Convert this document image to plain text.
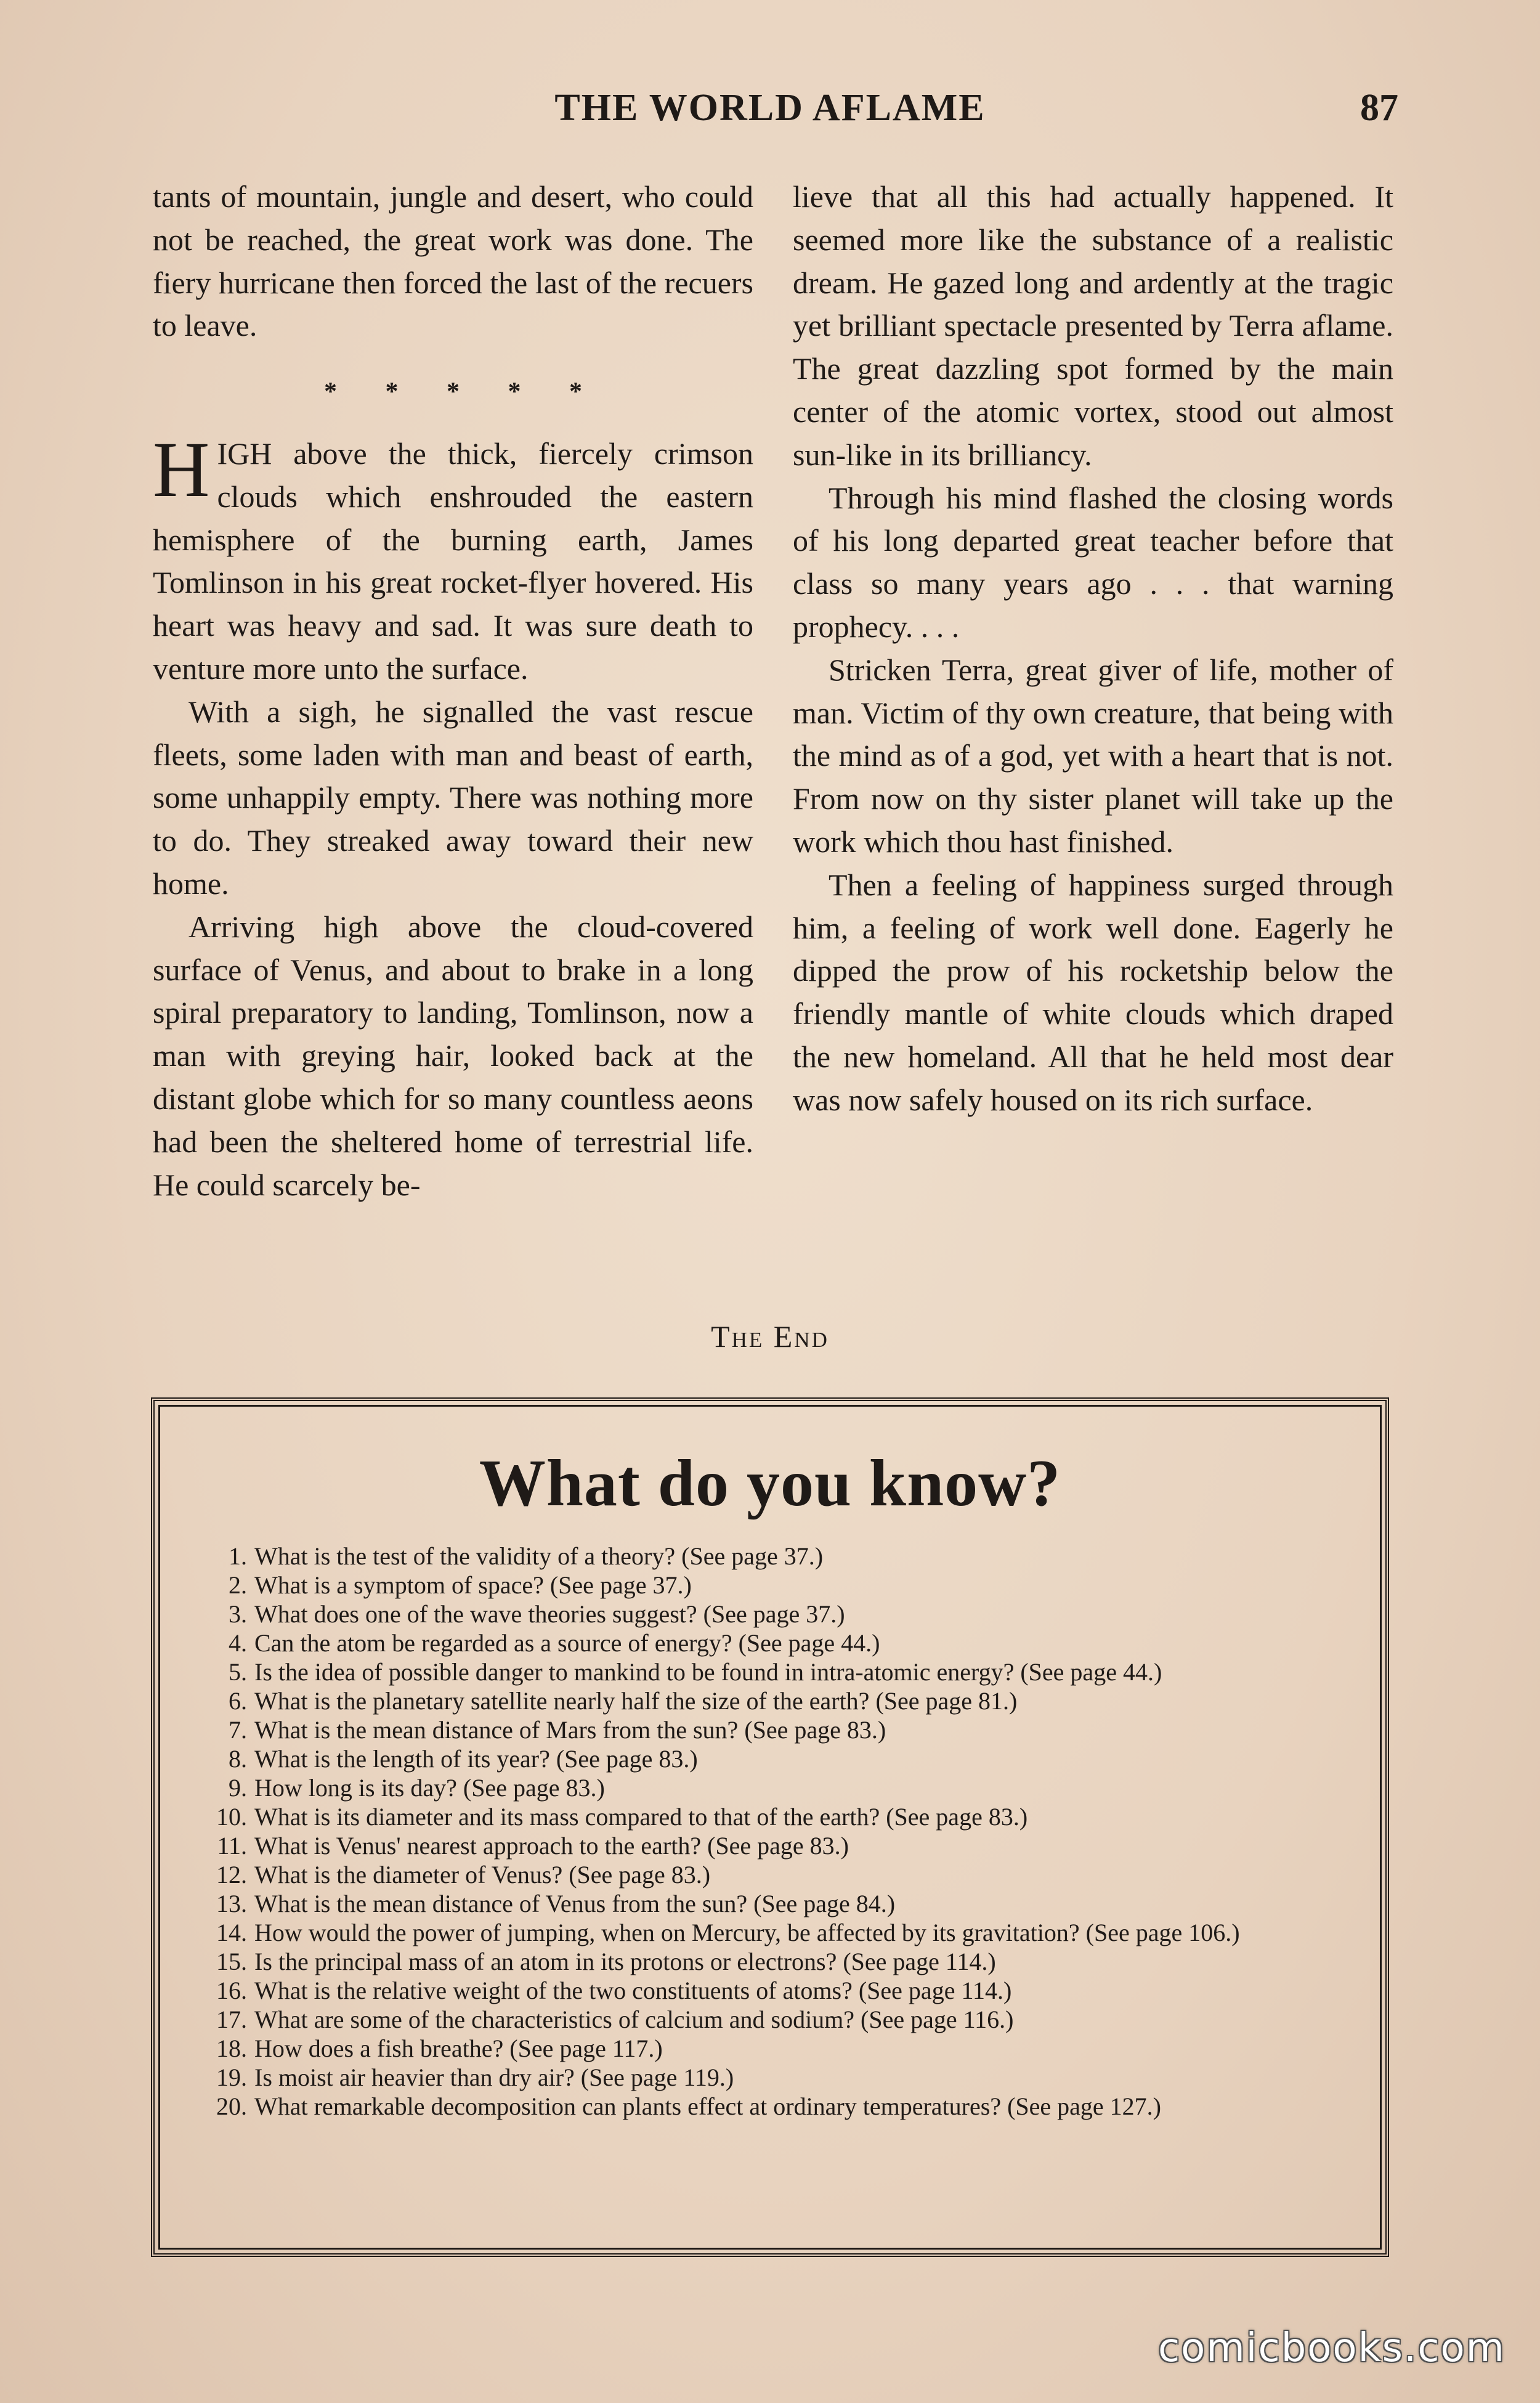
THE WORLD AFLAME	87

tants of mountain, jungle and desert, who could not be reached, the great work was done. The fiery hurricane then forced the last of the recuers to leave.

* * * * *

HIGH above the thick, fiercely crimson clouds which enshrouded the eastern hemisphere of the burning earth, James Tomlinson in his great rocket-flyer hovered. His heart was heavy and sad. It was sure death to venture more unto the surface.

With a sigh, he signalled the vast rescue fleets, some laden with man and beast of earth, some unhappily empty. There was nothing more to do. They streaked away toward their new home.

Arriving high above the cloud-covered surface of Venus, and about to brake in a long spiral preparatory to landing, Tomlinson, now a man with greying hair, looked back at the distant globe which for so many countless aeons had been the sheltered home of terrestrial life. He could scarcely be-

lieve that all this had actually happened. It seemed more like the substance of a realistic dream. He gazed long and ardently at the tragic yet brilliant spectacle presented by Terra aflame. The great dazzling spot formed by the main center of the atomic vortex, stood out almost sun-like in its brilliancy.

Through his mind flashed the closing words of his long departed great teacher before that class so many years ago . . . that warning prophecy. . . .

Stricken Terra, great giver of life, mother of man. Victim of thy own creature, that being with the mind as of a god, yet with a heart that is not. From now on thy sister planet will take up the work which thou hast finished.

Then a feeling of happiness surged through him, a feeling of work well done. Eagerly he dipped the prow of his rocketship below the friendly mantle of white clouds which draped the new homeland. All that he held most dear was now safely housed on its rich surface.

The End
What do you know?
1. What is the test of the validity of a theory? (See page 37.)
2. What is a symptom of space? (See page 37.)
3. What does one of the wave theories suggest? (See page 37.)
4. Can the atom be regarded as a source of energy? (See page 44.)
5. Is the idea of possible danger to mankind to be found in intra-atomic energy? (See page 44.)
6. What is the planetary satellite nearly half the size of the earth? (See page 81.)
7. What is the mean distance of Mars from the sun? (See page 83.)
8. What is the length of its year? (See page 83.)
9. How long is its day? (See page 83.)
10. What is its diameter and its mass compared to that of the earth? (See page 83.)
11. What is Venus' nearest approach to the earth? (See page 83.)
12. What is the diameter of Venus? (See page 83.)
13. What is the mean distance of Venus from the sun? (See page 84.)
14. How would the power of jumping, when on Mercury, be affected by its gravitation? (See page 106.)
15. Is the principal mass of an atom in its protons or electrons? (See page 114.)
16. What is the relative weight of the two constituents of atoms? (See page 114.)
17. What are some of the characteristics of calcium and sodium? (See page 116.)
18. How does a fish breathe? (See page 117.)
19. Is moist air heavier than dry air? (See page 119.)
20. What remarkable decomposition can plants effect at ordinary temperatures? (See page 127.)
comicbooks.com
